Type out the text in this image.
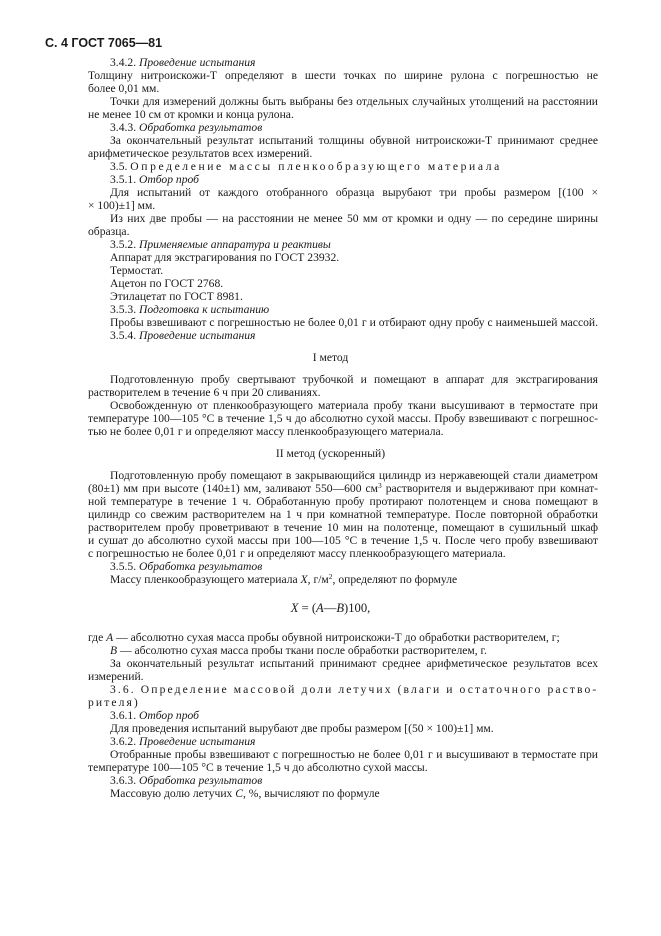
С. 4 ГОСТ 7065—81
3.4.2. Проведение испытания
Толщину нитроискожи-Т определяют в шести точках по ширине рулона с погрешностью не
более 0,01 мм.
Точки для измерений должны быть выбраны без отдельных случайных утолщений на расстоянии
не менее 10 см от кромки и конца рулона.
3.4.3. Обработка результатов
За окончательный результат испытаний толщины обувной нитроискожи-Т принимают среднее
арифметическое результатов всех измерений.
3.5. Определение массы пленкообразующего материала
3.5.1. Отбор проб
Для испытаний от каждого отобранного образца вырубают три пробы размером [(100 ×
× 100)±1] мм.
Из них две пробы — на расстоянии не менее 50 мм от кромки и одну — по середине ширины
образца.
3.5.2. Применяемые аппаратура и реактивы
Аппарат для экстрагирования по ГОСТ 23932.
Термостат.
Ацетон по ГОСТ 2768.
Этилацетат по ГОСТ 8981.
3.5.3. Подготовка к испытанию
Пробы взвешивают с погрешностью не более 0,01 г и отбирают одну пробу с наименьшей массой.
3.5.4. Проведение испытания
I метод
Подготовленную пробу свертывают трубочкой и помещают в аппарат для экстрагирования
растворителем в течение 6 ч при 20 сливаниях.
Освобожденную от пленкообразующего материала пробу ткани высушивают в термостате при
температуре 100—105 °С в течение 1,5 ч до абсолютно сухой массы. Пробу взвешивают с погрешнос-
тью не более 0,01 г и определяют массу пленкообразующего материала.
II метод (ускоренный)
Подготовленную пробу помещают в закрывающийся цилиндр из нержавеющей стали диаметром
(80±1) мм при высоте (140±1) мм, заливают 550—600 $см^3$ растворителя и выдерживают при комнат-
ной температуре в течение 1 ч. Обработанную пробу протирают полотенцем и снова помещают в
цилиндр со свежим растворителем на 1 ч при комнатной температуре. После повторной обработки
растворителем пробу проветривают в течение 10 мин на полотенце, помещают в сушильный шкаф
и сушат до абсолютно сухой массы при 100—105 °С в течение 1,5 ч. После чего пробу взвешивают
с погрешностью не более 0,01 г и определяют массу пленкообразующего материала.
3.5.5. Обработка результатов
Массу пленкообразующего материала X, $г/м^2$, определяют по формуле
X = (A—B)100,
где A — абсолютно сухая масса пробы обувной нитроискожи-Т до обработки растворителем, г;
B — абсолютно сухая масса пробы ткани после обработки растворителем, г.
За окончательный результат испытаний принимают среднее арифметическое результатов всех
измерений.
3.6. Определение массовой доли летучих (влаги и остаточного раство-
рителя)
3.6.1. Отбор проб
Для проведения испытаний вырубают две пробы размером [(50 × 100)±1] мм.
3.6.2. Проведение испытания
Отобранные пробы взвешивают с погрешностью не более 0,01 г и высушивают в термостате при
температуре 100—105 °С в течение 1,5 ч до абсолютно сухой массы.
3.6.3. Обработка результатов
Массовую долю летучих C, %, вычисляют по формуле
